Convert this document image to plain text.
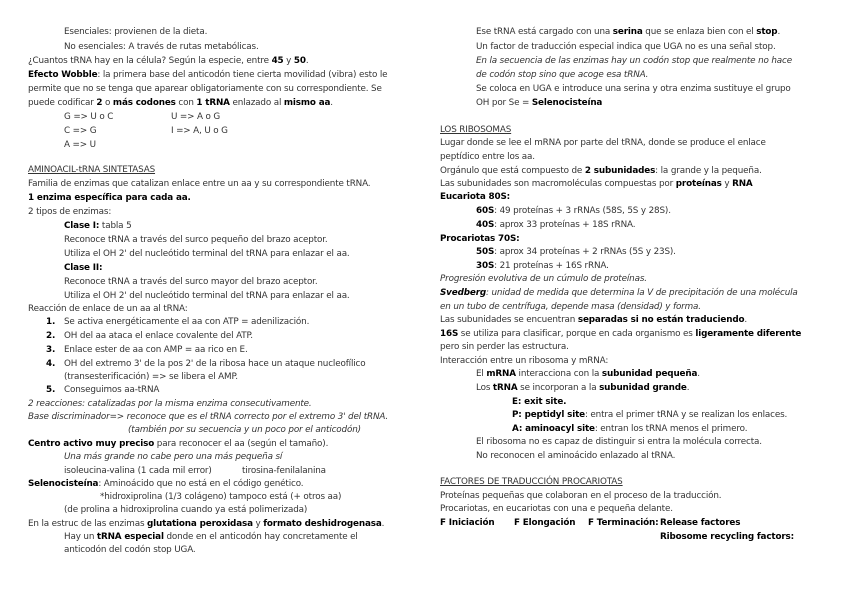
Esenciales: provienen de la dieta.
No esenciales: A través de rutas metabólicas.
¿Cuantos tRNA hay en la célula? Según la especie, entre 45 y 50.
Efecto Wobble: la primera base del anticodón tiene cierta movilidad (vibra) esto le
permite que no se tenga que aparear obligatoriamente con su correspondiente. Se
puede codificar 2 o más codones con 1 tRNA enlazado al mismo aa.
G => U o C	U => A o G
C => G	I => A, U o G
A => U
AMINOACIL-tRNA SINTETASAS
Familia de enzimas que catalizan enlace entre un aa y su correspondiente tRNA.
1 enzima específica para cada aa.
2 tipos de enzimas:
Clase I: tabla 5
Reconoce tRNA a través del surco pequeño del brazo aceptor.
Utiliza el OH 2' del nucleótido terminal del tRNA para enlazar el aa.
Clase II:
Reconoce tRNA a través del surco mayor del brazo aceptor.
Utiliza el OH 2' del nucleótido terminal del tRNA para enlazar el aa.
Reacción de enlace de un aa al tRNA:
1. Se activa energéticamente el aa con ATP = adenilización.
2. OH del aa ataca el enlace covalente del ATP.
3. Enlace ester de aa con AMP = aa rico en E.
4. OH del extremo 3' de la pos 2' de la ribosa hace un ataque nucleofílico
(transesterificación) => se libera el AMP.
5. Conseguimos aa-tRNA
2 reacciones: catalizadas por la misma enzima consecutivamente.
Base discriminador=> reconoce que es el tRNA correcto por el extremo 3' del tRNA.
(también por su secuencia y un poco por el anticodón)
Centro activo muy preciso para reconocer el aa (según el tamaño).
Una más grande no cabe pero una más pequeña sí
isoleucina-valina (1 cada mil error)	tirosina-fenilalanina
Selenocisteína: Aminoácido que no está en el código genético.
*hidroxiprolina (1/3 colágeno) tampoco está (+ otros aa)
(de prolina a hidroxiprolina cuando ya está polimerizada)
En la estruc de las enzimas glutationa peroxidasa y formato deshidrogenasa.
Hay un tRNA especial donde en el anticodón hay concretamente el
anticodón del codón stop UGA.
Ese tRNA está cargado con una serina que se enlaza bien con el stop.
Un factor de traducción especial indica que UGA no es una señal stop.
En la secuencia de las enzimas hay un codón stop que realmente no hace
de codón stop sino que acoge esa tRNA.
Se coloca en UGA e introduce una serina y otra enzima sustituye el grupo
OH por Se = Selenocisteína
LOS RIBOSOMAS
Lugar donde se lee el mRNA por parte del tRNA, donde se produce el enlace
peptídico entre los aa.
Orgánulo que está compuesto de 2 subunidades: la grande y la pequeña.
Las subunidades son macromoléculas compuestas por proteínas y RNA
Eucariota 80S:
60S: 49 proteínas + 3 rRNAs (58S, 5S y 28S).
40S: aprox 33 proteínas + 18S rRNA.
Procariotas 70S:
50S: aprox 34 proteínas + 2 rRNAs (5S y 23S).
30S: 21 proteínas + 16S rRNA.
Progresión evolutiva de un cúmulo de proteínas.
Svedberg: unidad de medida que determina la V de precipitación de una molécula
en un tubo de centrífuga, depende masa (densidad) y forma.
Las subunidades se encuentran separadas si no están traduciendo.
16S se utiliza para clasificar, porque en cada organismo es ligeramente diferente
pero sin perder las estructura.
Interacción entre un ribosoma y mRNA:
El mRNA interacciona con la subunidad pequeña.
Los tRNA se incorporan a la subunidad grande.
E: exit site.
P: peptidyl site: entra el primer tRNA y se realizan los enlaces.
A: aminoacyl site: entran los tRNA menos el primero.
El ribosoma no es capaz de distinguir si entra la molécula correcta.
No reconocen el aminoácido enlazado al tRNA.
FACTORES DE TRADUCCIÓN PROCARIOTAS
Proteínas pequeñas que colaboran en el proceso de la traducción.
Procariotas, en eucariotas con una e pequeña delante.
F Iniciación F Elongación F Terminación: Release factores
Ribosome recycling factors:
